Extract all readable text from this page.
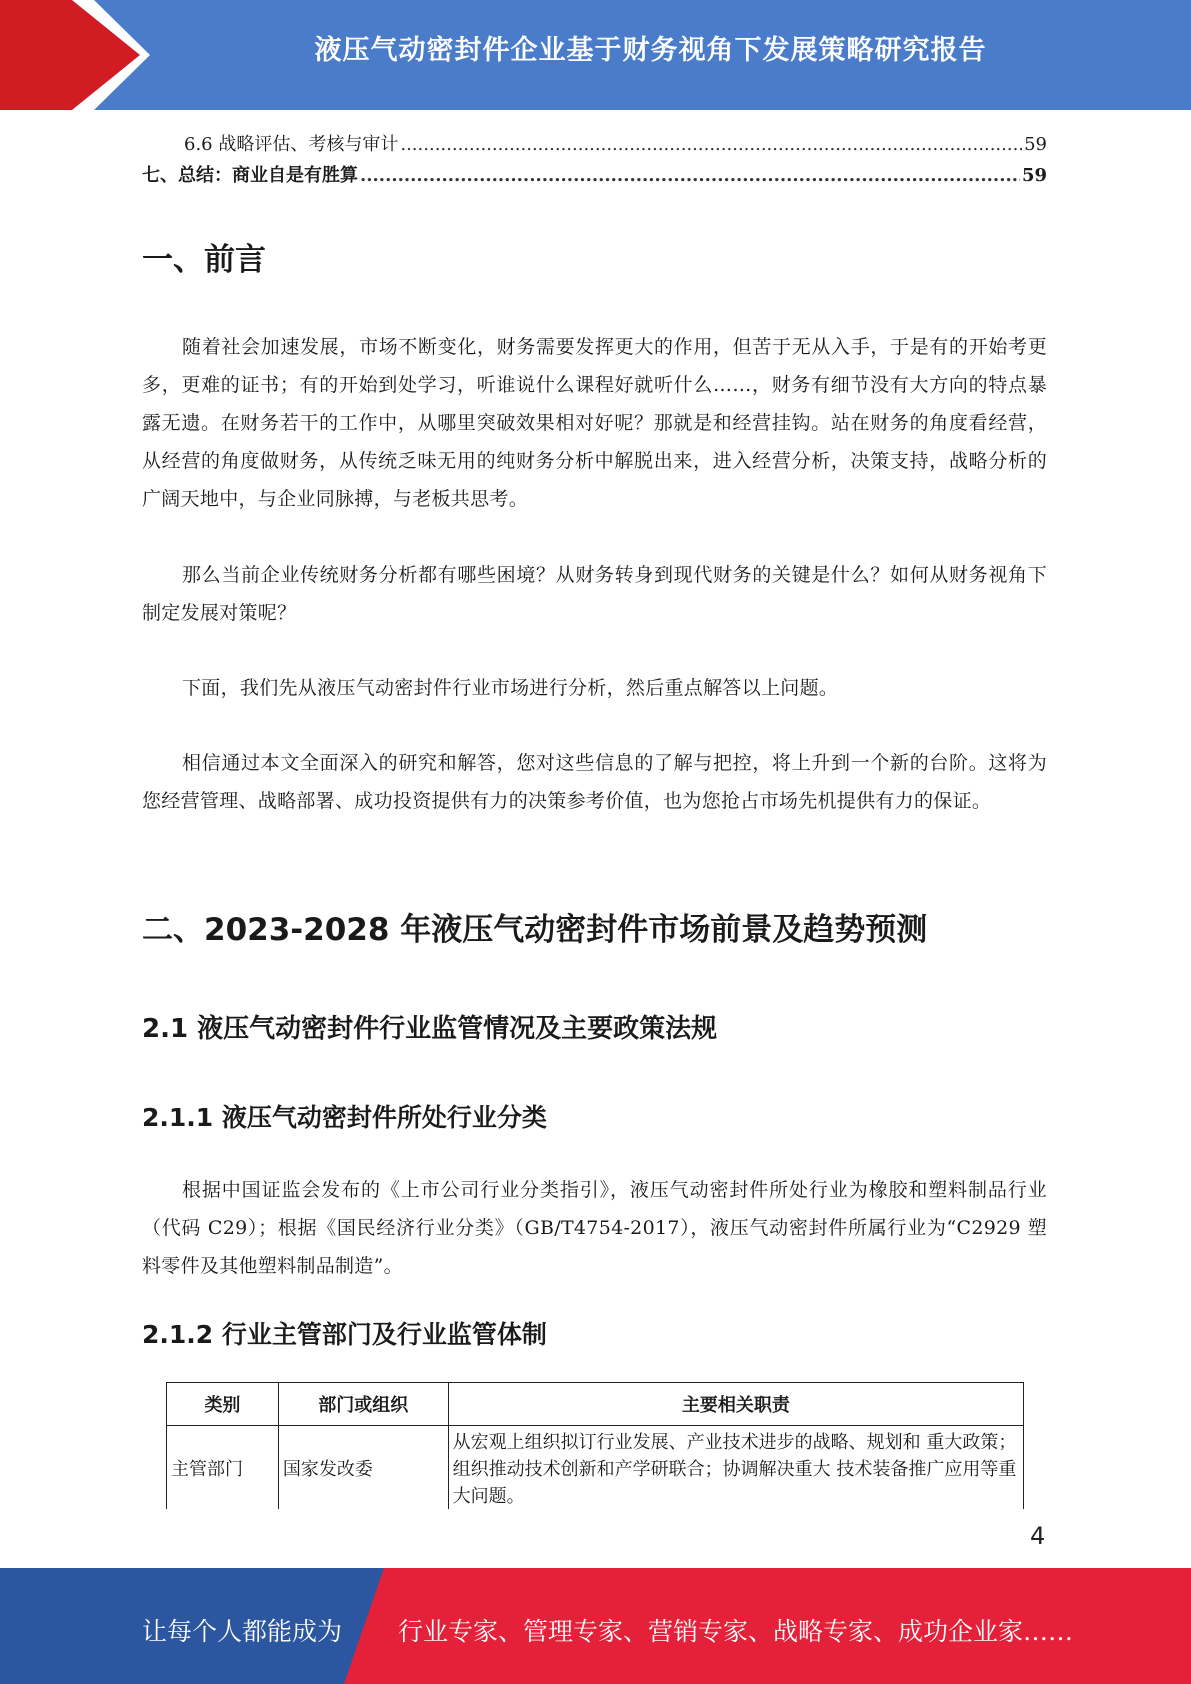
液压气动密封件企业基于财务视角下发展策略研究报告
6.6 战略评估、考核与审计 .....	59
七、总结：商业自是有胜算 .....	59
一、前言

随着社会加速发展，市场不断变化，财务需要发挥更大的作用，但苦于无从入手，于是有的开始考更多，更难的证书；有的开始到处学习，听谁说什么课程好就听什么……，财务有细节没有大方向的特点暴露无遗。在财务若干的工作中，从哪里突破效果相对好呢？那就是和经营挂钩。站在财务的角度看经营，从经营的角度做财务，从传统乏味无用的纯财务分析中解脱出来，进入经营分析，决策支持，战略分析的广阔天地中，与企业同脉搏，与老板共思考。

那么当前企业传统财务分析都有哪些困境？从财务转身到现代财务的关键是什么？如何从财务视角下制定发展对策呢？

下面，我们先从液压气动密封件行业市场进行分析，然后重点解答以上问题。

相信通过本文全面深入的研究和解答，您对这些信息的了解与把控，将上升到一个新的台阶。这将为您经营管理、战略部署、成功投资提供有力的决策参考价值，也为您抢占市场先机提供有力的保证。

二、2023-2028 年液压气动密封件市场前景及趋势预测
2.1 液压气动密封件行业监管情况及主要政策法规
2.1.1 液压气动密封件所处行业分类

根据中国证监会发布的《上市公司行业分类指引》，液压气动密封件所处行业为橡胶和塑料制品行业（代码 C29）；根据《国民经济行业分类》（GB/T4754-2017），液压气动密封件所属行业为“C2929 塑料零件及其他塑料制品制造”。

2.1.2 行业主管部门及行业监管体制
类别	部门或组织	主要相关职责
主管部门	国家发改委	从宏观上组织拟订行业发展、产业技术进步的战略、规划和 重大政策；组织推动技术创新和产学研联合；协调解决重大 技术装备推广应用等重大问题。
4
让每个人都能成为 行业专家、管理专家、营销专家、战略专家、成功企业家……
